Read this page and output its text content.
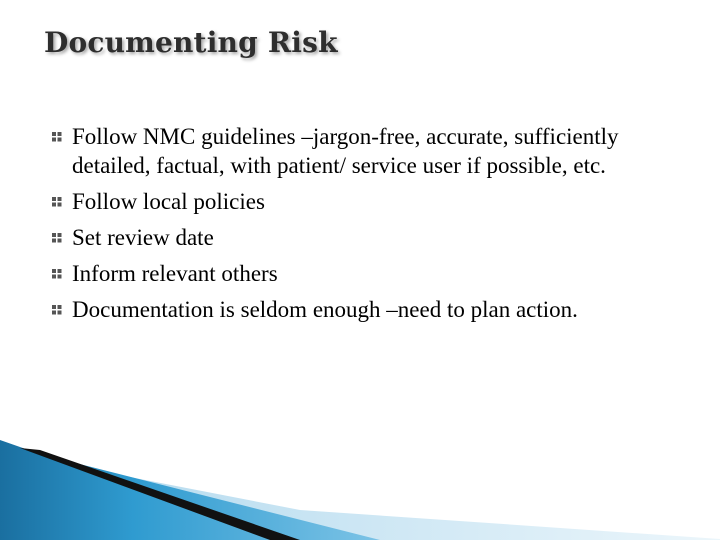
Documenting Risk
Follow NMC guidelines –jargon-free, accurate, sufficiently detailed, factual, with patient/ service user if possible, etc.
Follow local policies
Set review date
Inform relevant others
Documentation is seldom enough –need to plan action.
